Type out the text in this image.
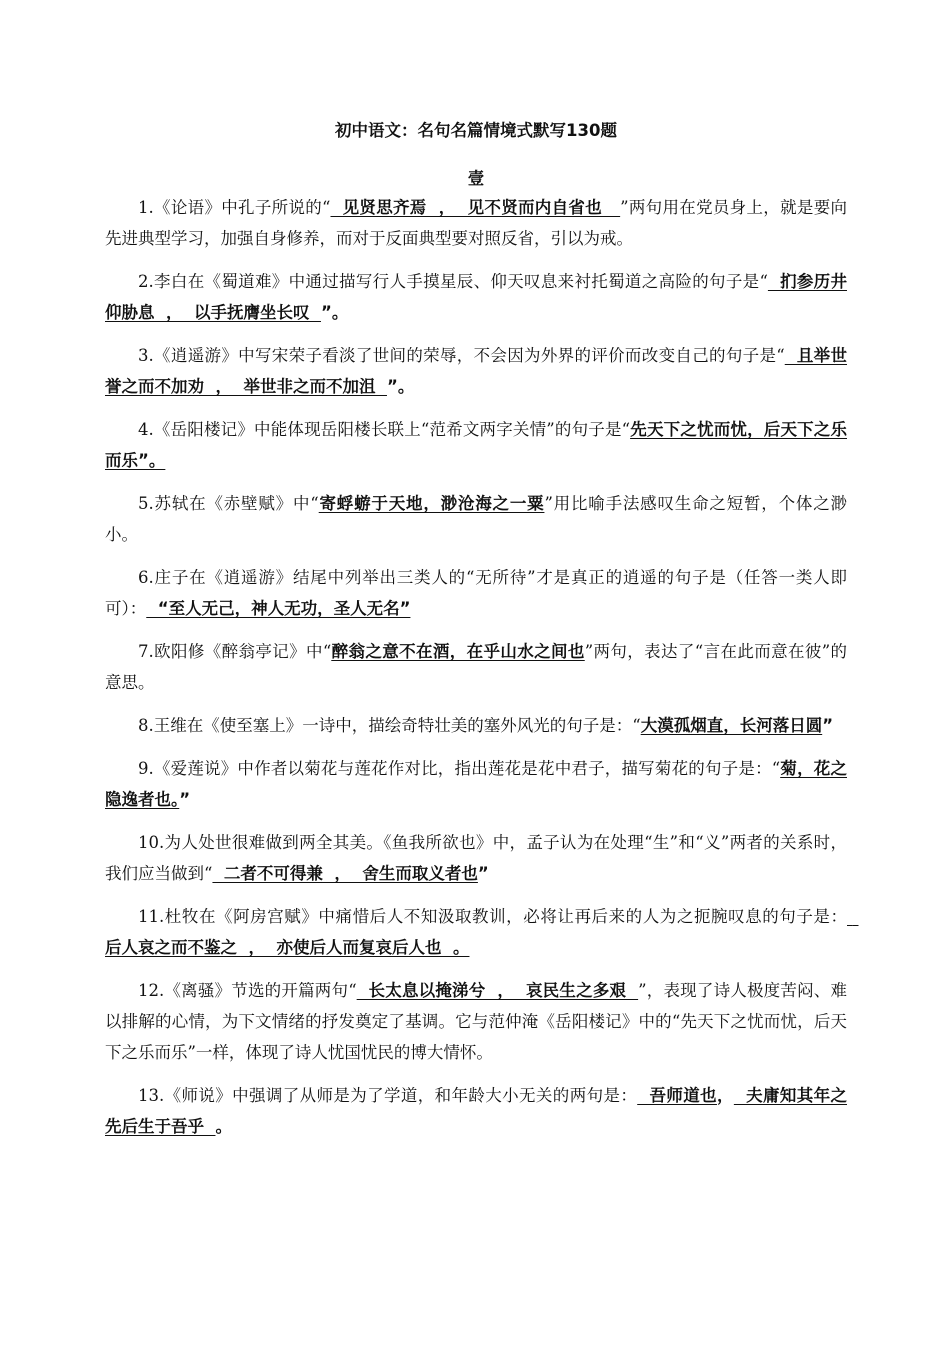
初中语文：名句名篇情境式默写130题
壹

1.《论语》中孔子所说的“  见贤思齐焉  ，  见不贤而内自省也   ”两句用在党员身上，就是要向先进典型学习，加强自身修养，而对于反面典型要对照反省，引以为戒。

2.李白在《蜀道难》中通过描写行人手摸星辰、仰天叹息来衬托蜀道之高险的句子是“  扪参历井仰胁息  ，  以手抚膺坐长叹  ”。

3.《逍遥游》中写宋荣子看淡了世间的荣辱，不会因为外界的评价而改变自己的句子是“  且举世誉之而不加劝  ，  举世非之而不加沮  ”。

4.《岳阳楼记》中能体现岳阳楼长联上“范希文两字关情”的句子是“先天下之忧而忧，后天下之乐而乐”。

5.苏轼在《赤壁赋》中“寄蜉蝣于天地，渺沧海之一粟”用比喻手法感叹生命之短暂，个体之渺小。

6.庄子在《逍遥游》结尾中列举出三类人的“无所待”才是真正的逍遥的句子是（任答一类人即可）：  “至人无己，神人无功，圣人无名”

7.欧阳修《醉翁亭记》中“醉翁之意不在酒，在乎山水之间也”两句，表达了“言在此而意在彼”的意思。

8.王维在《使至塞上》一诗中，描绘奇特壮美的塞外风光的句子是：“大漠孤烟直，长河落日圆”

9.《爱莲说》中作者以菊花与莲花作对比，指出莲花是花中君子，描写菊花的句子是：“菊，花之隐逸者也。”

10.为人处世很难做到两全其美。《鱼我所欲也》中，孟子认为在处理“生”和“义”两者的关系时，我们应当做到“  二者不可得兼  ，  舍生而取义者也”

11.杜牧在《阿房宫赋》中痛惜后人不知汲取教训，必将让再后来的人为之扼腕叹息的句子是：  后人哀之而不鉴之  ，  亦使后人而复哀后人也  。

12.《离骚》节选的开篇两句“  长太息以掩涕兮  ，  哀民生之多艰  ”，表现了诗人极度苦闷、难以排解的心情，为下文情绪的抒发奠定了基调。它与范仲淹《岳阳楼记》中的“先天下之忧而忧，后天下之乐而乐”一样，体现了诗人忧国忧民的博大情怀。

13.《师说》中强调了从师是为了学道，和年龄大小无关的两句是：  吾师道也，  夫庸知其年之先后生于吾乎  。
